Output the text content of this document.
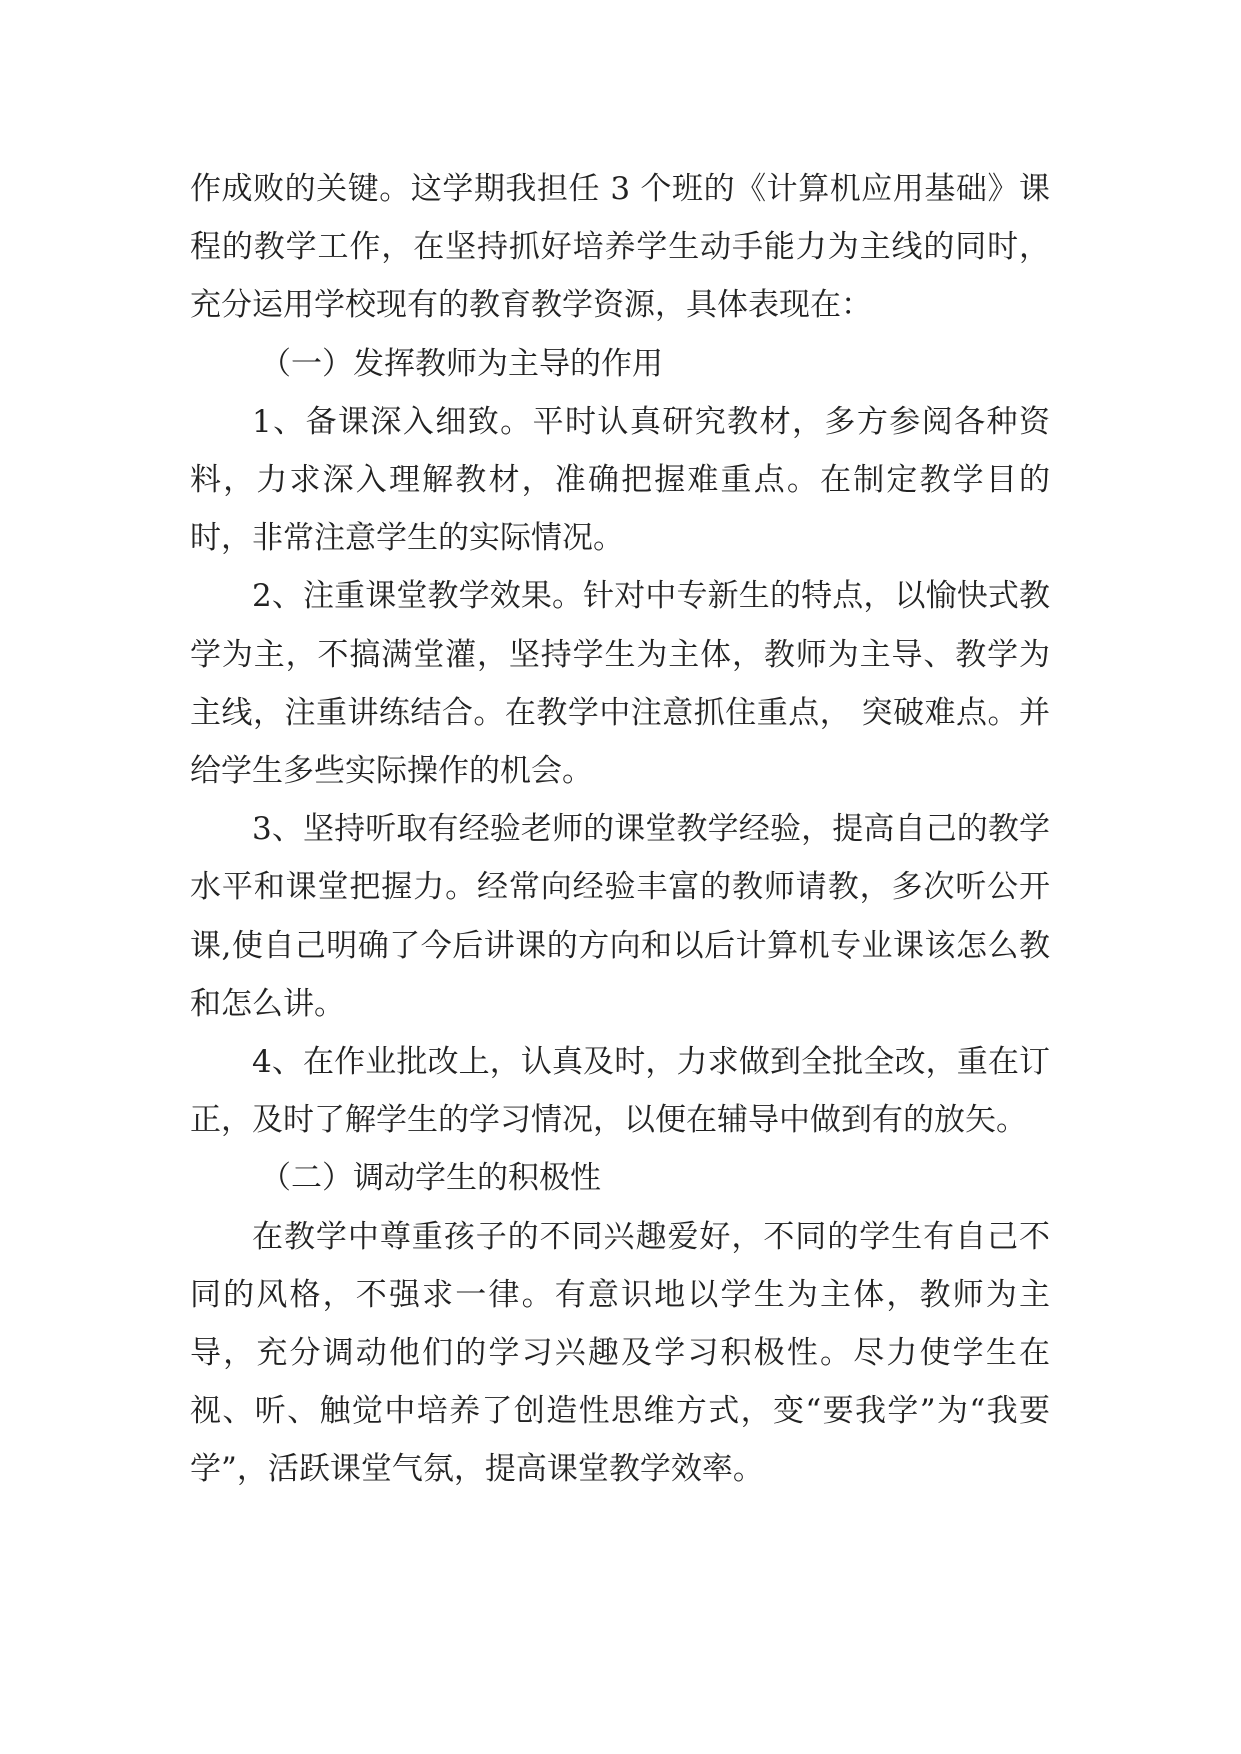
作成败的关键。这学期我担任 3 个班的《计算机应用基础》课程的教学工作，在坚持抓好培养学生动手能力为主线的同时，充分运用学校现有的教育教学资源，具体表现在：

（一）发挥教师为主导的作用

1、备课深入细致。平时认真研究教材，多方参阅各种资料，力求深入理解教材，准确把握难重点。在制定教学目的时，非常注意学生的实际情况。

2、注重课堂教学效果。针对中专新生的特点，以愉快式教学为主，不搞满堂灌，坚持学生为主体，教师为主导、教学为主线，注重讲练结合。在教学中注意抓住重点， 突破难点。并给学生多些实际操作的机会。

3、坚持听取有经验老师的课堂教学经验，提高自己的教学水平和课堂把握力。经常向经验丰富的教师请教，多次听公开课,使自己明确了今后讲课的方向和以后计算机专业课该怎么教和怎么讲。

4、在作业批改上，认真及时，力求做到全批全改，重在订正，及时了解学生的学习情况，以便在辅导中做到有的放矢。

（二）调动学生的积极性

在教学中尊重孩子的不同兴趣爱好，不同的学生有自己不同的风格，不强求一律。有意识地以学生为主体，教师为主导，充分调动他们的学习兴趣及学习积极性。尽力使学生在视、听、触觉中培养了创造性思维方式，变“要我学”为“我要学”，活跃课堂气氛，提高课堂教学效率。
